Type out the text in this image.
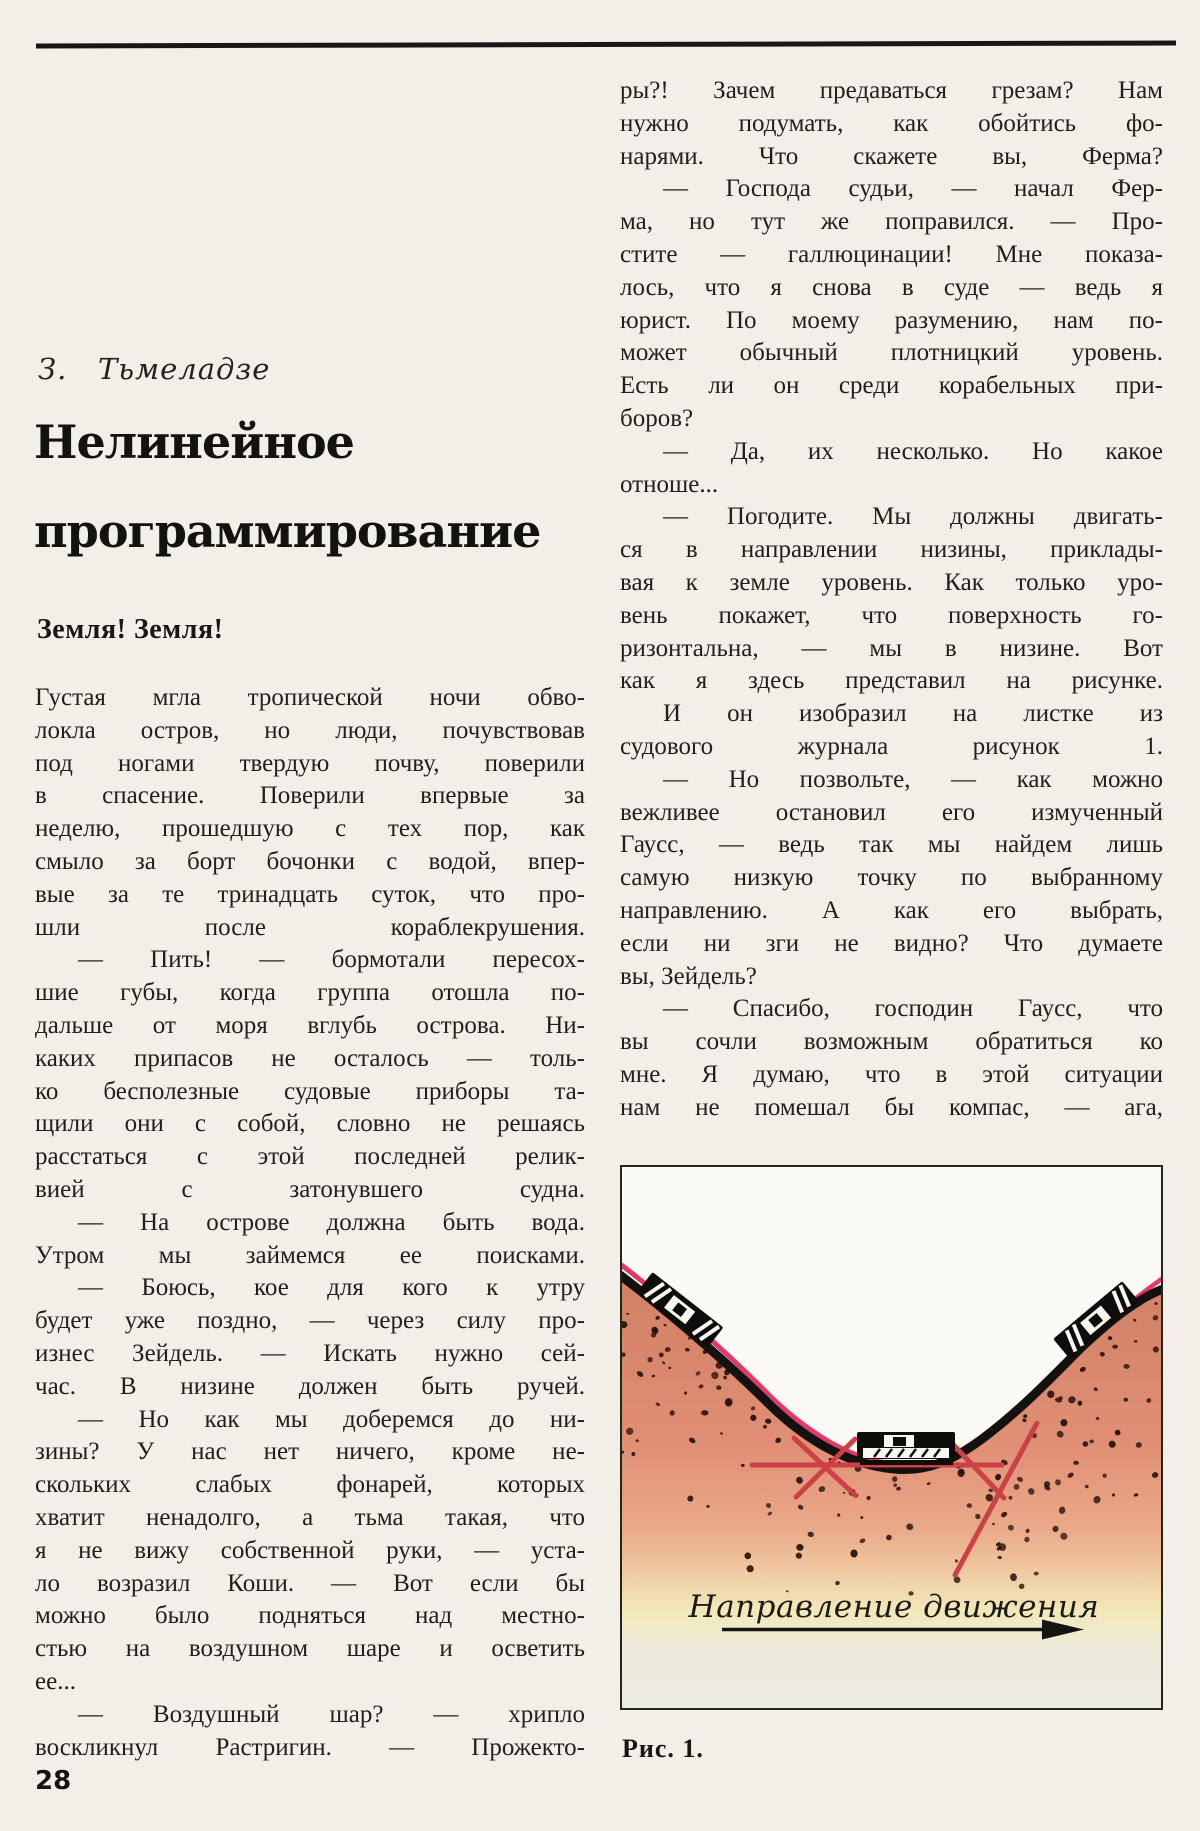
З.   Тьмеладзе
Нелинейное
программирование
Земля! Земля!
Густая мгла тропической ночи обво-
локла остров, но люди, почувствовав
под ногами твердую почву, поверили
в спасение. Поверили впервые за
неделю, прошедшую с тех пор, как
смыло за борт бочонки с водой, впер-
вые за те тринадцать суток, что про-
шли после кораблекрушения.
— Пить! — бормотали пересох-
шие губы, когда группа отошла по-
дальше от моря вглубь острова. Ни-
каких припасов не осталось — толь-
ко бесполезные судовые приборы та-
щили они с собой, словно не решаясь
расстаться с этой последней релик-
вией с затонувшего судна.
— На острове должна быть вода.
Утром мы займемся ее поисками.
— Боюсь, кое для кого к утру
будет уже поздно, — через силу про-
изнес Зейдель. — Искать нужно сей-
час. В низине должен быть ручей.
— Но как мы доберемся до ни-
зины? У нас нет ничего, кроме не-
скольких слабых фонарей, которых
хватит ненадолго, а тьма такая, что
я не вижу собственной руки, — уста-
ло возразил Коши. — Вот если бы
можно было подняться над местно-
стью на воздушном шаре и осветить
ее...
— Воздушный шар? — хрипло
воскликнул Растригин. — Прожекто-
ры?! Зачем предаваться грезам? Нам
нужно подумать, как обойтись фо-
нарями. Что скажете вы, Ферма?
— Господа судьи, — начал Фер-
ма, но тут же поправился. — Про-
стите — галлюцинации! Мне показа-
лось, что я снова в суде — ведь я
юрист. По моему разумению, нам по-
может обычный плотницкий уровень.
Есть ли он среди корабельных при-
боров?
— Да, их несколько. Но какое
отноше...
— Погодите. Мы должны двигать-
ся в направлении низины, приклады-
вая к земле уровень. Как только уро-
вень покажет, что поверхность го-
ризонтальна, — мы в низине. Вот
как я здесь представил на рисунке.
И он изобразил на листке из
судового журнала рисунок 1.
— Но позвольте, — как можно
вежливее остановил его измученный
Гаусс, — ведь так мы найдем лишь
самую низкую точку по выбранному
направлению. А как его выбрать,
если ни зги не видно? Что думаете
вы, Зейдель?
— Спасибо, господин Гаусс, что
вы сочли возможным обратиться ко
мне. Я думаю, что в этой ситуации
нам не помешал бы компас, — ага,
Направление движения
Рис. 1.
28
